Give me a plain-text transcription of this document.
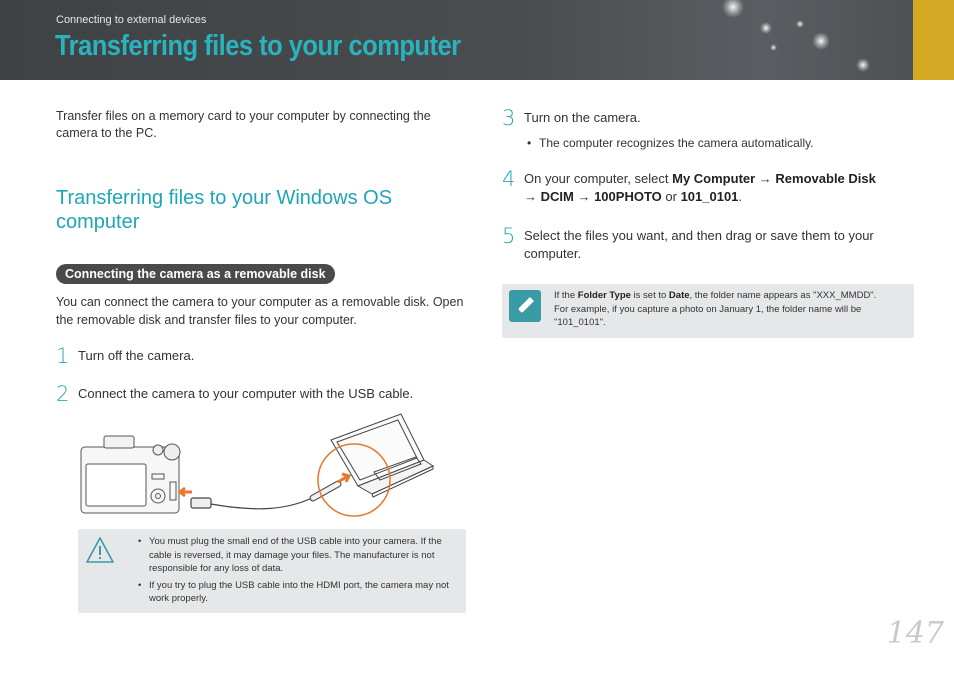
Connecting to external devices
Transferring files to your computer

Transfer files on a memory card to your computer by connecting the camera to the PC.

Transferring files to your Windows OS computer
Connecting the camera as a removable disk
You can connect the camera to your computer as a removable disk. Open the removable disk and transfer files to your computer.
1 Turn off the camera.
2 Connect the camera to your computer with the USB cable.
• You must plug the small end of the USB cable into your camera. If the cable is reversed, it may damage your files. The manufacturer is not responsible for any loss of data.
• If you try to plug the USB cable into the HDMI port, the camera may not work properly.
3 Turn on the camera.
• The computer recognizes the camera automatically.
4 On your computer, select My Computer → Removable Disk
→ DCIM → 100PHOTO or 101_0101.
5 Select the files you want, and then drag or save them to your computer.
If the Folder Type is set to Date, the folder name appears as "XXX_MMDD".
For example, if you capture a photo on January 1, the folder name will be "101_0101".
147
